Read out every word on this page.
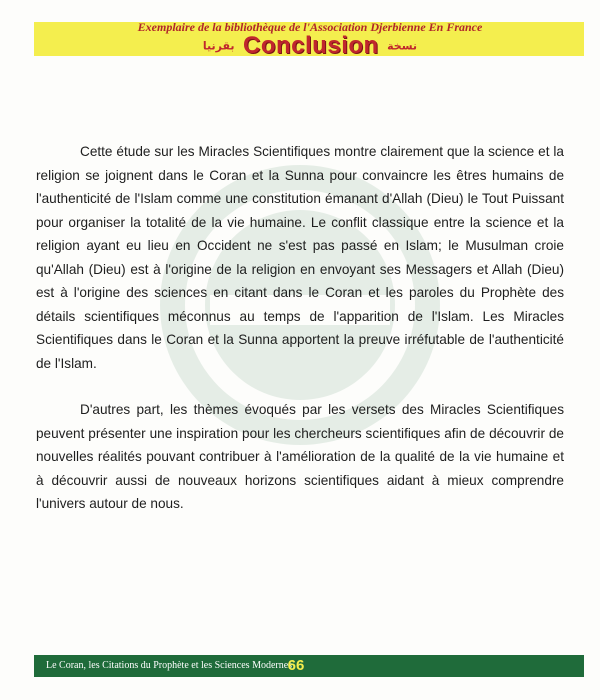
Exemplaire de la bibliothèque de l'Association Djerbienne En France
بقرنيا Conclusion نسخة

Cette étude sur les Miracles Scientifiques montre clairement que la science et la religion se joignent dans le Coran et la Sunna pour convaincre les êtres humains de l'authenticité de l'Islam comme une constitution émanant d'Allah (Dieu) le Tout Puissant pour organiser la totalité de la vie humaine. Le conflit classique entre la science et la religion ayant eu lieu en Occident ne s'est pas passé en Islam; le Musulman croie qu'Allah (Dieu) est à l'origine de la religion en envoyant ses Messagers et Allah (Dieu) est à l'origine des sciences en citant dans le Coran et les paroles du Prophète des détails scientifiques méconnus au temps de l'apparition de l'Islam. Les Miracles Scientifiques dans le Coran et la Sunna apportent la preuve irréfutable de l'authenticité de l'Islam.

D'autres part, les thèmes évoqués par les versets des Miracles Scientifiques peuvent présenter une inspiration pour les chercheurs scientifiques afin de découvrir de nouvelles réalités pouvant contribuer à l'amélioration de la qualité de la vie humaine et à découvrir aussi de nouveaux horizons scientifiques aidant à mieux comprendre l'univers autour de nous.

Le Coran, les Citations du Prophète et les Sciences Modernes
66
